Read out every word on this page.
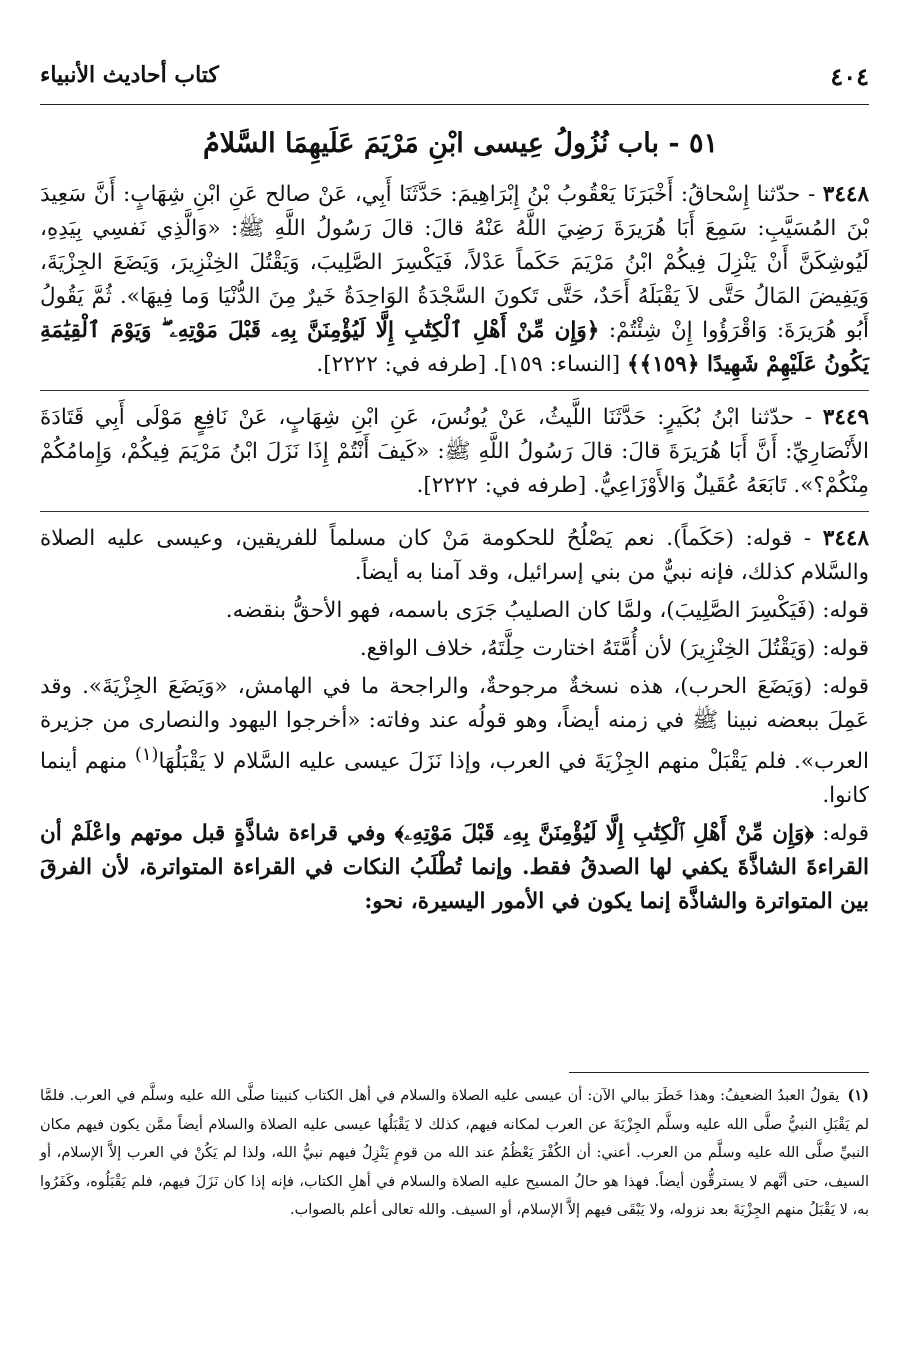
٤٠٤
كتاب أحاديث الأنبياء
٥١ - باب نُزُولُ عِيسى ابْنِ مَرْيَمَ عَلَيهِمَا السَّلامُ

٣٤٤٨ - حدّثنا إِسْحاقُ: أَخْبَرَنَا يَعْقُوبُ بْنُ إِبْرَاهِيمَ: حَدَّثَنَا أَبِي، عَنْ صالح عَنِ ابْنِ شِهَابٍ: أَنَّ سَعِيدَ بْنَ المُسَيَّبِ: سَمِعَ أَبَا هُرَيرَةَ رَضِيَ اللَّهُ عَنْهُ قالَ: قالَ رَسُولُ اللَّهِ ﷺ: «وَالَّذِي نَفسِي بِيَدِهِ، لَيُوشِكَنَّ أَنْ يَنْزِلَ فِيكُمْ ابْنُ مَرْيَمَ حَكَماً عَدْلاً، فَيَكْسِرَ الصَّلِيبَ، وَيَقْتُلَ الخِنْزِيرَ، وَيَضَعَ الجِزْيَةَ، وَيَفِيضَ المَالُ حَتَّى لاَ يَقْبَلَهُ أَحَدٌ، حَتَّى تَكونَ السَّجْدَةُ الوَاحِدَةُ خَيرٌ مِنَ الدُّنْيَا وَما فِيهَا». ثُمَّ يَقُولُ أَبُو هُرَيرَةَ: وَاقْرَؤُوا إِنْ شِئْتُمْ: ﴿وَإِن مِّنْ أَهْلِ ٱلْكِتَٰبِ إِلَّا لَيُؤْمِنَنَّ بِهِۦ قَبْلَ مَوْتِهِۦ ۖ وَيَوْمَ ٱلْقِيَٰمَةِ يَكُونُ عَلَيْهِمْ شَهِيدًا ﴿١٥٩﴾﴾ [النساء: ١٥٩]. [طرفه في: ٢٢٢٢].

٣٤٤٩ - حدّثنا ابْنُ بُكَيرٍ: حَدَّثَنَا اللَّيثُ، عَنْ يُونُسَ، عَنِ ابْنِ شِهَابٍ، عَنْ نَافِعٍ مَوْلَى أَبِي قَتَادَةَ الأَنْصَارِيِّ: أَنَّ أَبَا هُرَيرَةَ قالَ: قالَ رَسُولُ اللَّهِ ﷺ: «كَيفَ أَنْتُمْ إِذَا نَزَلَ ابْنُ مَرْيَمَ فِيكُمْ، وَإِمامُكُمْ مِنْكُمْ؟». تَابَعَهُ عُقَيلٌ وَالأَوْزَاعِيُّ. [طرفه في: ٢٢٢٢].

٣٤٤٨ - قوله: (حَكَماً). نعم يَصْلُحُ للحكومة مَنْ كان مسلماً للفريقين، وعيسى عليه الصلاة والسَّلام كذلك، فإنه نبيٌّ من بني إسرائيل، وقد آمنا به أيضاً.

قوله: (فَيَكْسِرَ الصَّلِيبَ)، ولمَّا كان الصليبُ جَرَى باسمه، فهو الأحقُّ بنقضه.

قوله: (وَيَقْتُلَ الخِنْزِيرَ) لأن أُمَّتَهُ اختارت حِلَّتَهُ، خلاف الواقع.

قوله: (وَيَضَعَ الحرب)، هذه نسخةٌ مرجوحةٌ، والراجحة ما في الهامش، «وَيَضَعَ الجِزْيَةَ». وقد عَمِلَ ببعضه نبينا ﷺ في زمنه أيضاً، وهو قولُه عند وفاته: «أخرجوا اليهود والنصارى من جزيرة العرب». فلم يَقْبَلْ منهم الجِزْيَةَ في العرب، وإذا نَزَلَ عيسى عليه السَّلام لا يَقْبَلُهَا$^{(١)}$ منهم أينما كانوا.

قوله: ﴿وَإِن مِّنْ أَهْلِ ٱلْكِتَٰبِ إِلَّا لَيُؤْمِنَنَّ بِهِۦ قَبْلَ مَوْتِهِۦ﴾ وفي قراءة شاذَّةٍ قبل موتهم واعْلَمْ أن القراءةَ الشاذَّةَ يكفي لها الصدقُ فقط. وإنما تُطْلَبُ النكات في القراءة المتواترة، لأن الفرقَ بين المتواترة والشاذَّة إنما يكون في الأمور اليسيرة، نحو:

(١)يقولُ العبدُ الضعيفُ: وهذا خَطَرَ ببالي الآن: أن عيسى عليه الصلاة والسلام في أهل الكتاب كنبينا صلَّى الله عليه وسلَّم في العرب. فلمَّا لم يَقْبَلِ النبيُّ صلَّى الله عليه وسلَّم الجِزْيَةَ عن العرب لمكانه فيهم، كذلك لا يَقْبَلُها عيسى عليه الصلاة والسلام أيضاً ممَّن يكون فيهم مكان النبيِّ صلَّى الله عليه وسلَّم من العرب. أعني: أن الكُفْرَ يَعْظُمُ عند الله من قومٍ يَنْزِلُ فيهم نبيُّ الله، ولذا لم يَكُنْ في العرب إلاَّ الإسلام، أو السيف، حتى أنَّهم لا يسترقُّون أيضاً. فهذا هو حالُ المسيح عليه الصلاة والسلام في أهلِ الكتاب، فإنه إذا كان نَزَلَ فيهم، فلم يَقْبَلُوه، وكَفَرُوا به، لا يَقْبَلُ منهم الجِزْيَةَ بعد نزوله، ولا يَبْقَى فيهم إلاَّ الإسلام، أو السيف. والله تعالى أعلم بالصواب.
